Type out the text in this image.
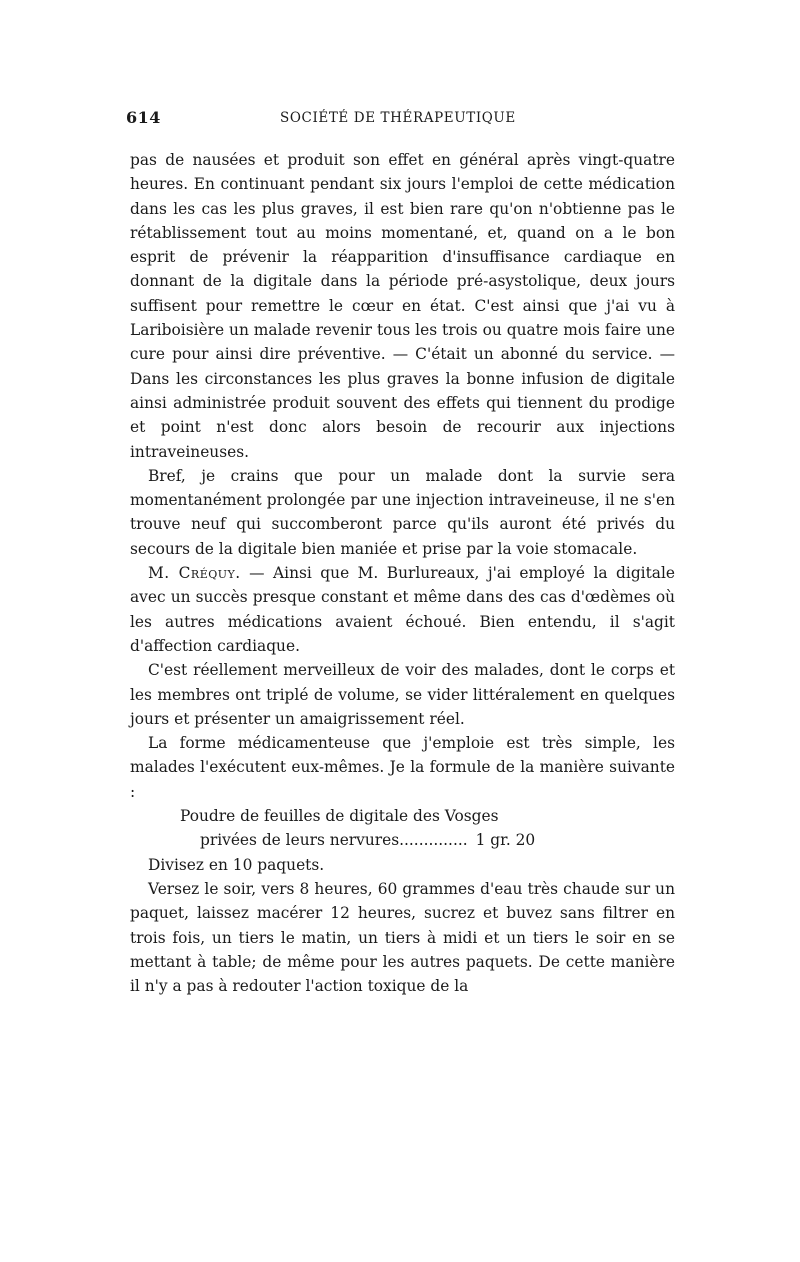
614	SOCIÉTÉ DE THÉRAPEUTIQUE

pas de nausées et produit son effet en général après vingt-quatre heures. En continuant pendant six jours l'emploi de cette médication dans les cas les plus graves, il est bien rare qu'on n'obtienne pas le rétablissement tout au moins momentané, et, quand on a le bon esprit de prévenir la réapparition d'insuffisance cardiaque en donnant de la digitale dans la période pré-asystolique, deux jours suffisent pour remettre le cœur en état. C'est ainsi que j'ai vu à Lariboisière un malade revenir tous les trois ou quatre mois faire une cure pour ainsi dire préventive. — C'était un abonné du service. — Dans les circonstances les plus graves la bonne infusion de digitale ainsi administrée produit souvent des effets qui tiennent du prodige et point n'est donc alors besoin de recourir aux injections intraveineuses.

Bref, je crains que pour un malade dont la survie sera momentanément prolongée par une injection intraveineuse, il ne s'en trouve neuf qui succomberont parce qu'ils auront été privés du secours de la digitale bien maniée et prise par la voie stomacale.

M. Créquy. — Ainsi que M. Burlureaux, j'ai employé la digitale avec un succès presque constant et même dans des cas d'œdèmes où les autres médications avaient échoué. Bien entendu, il s'agit d'affection cardiaque.

C'est réellement merveilleux de voir des malades, dont le corps et les membres ont triplé de volume, se vider littéralement en quelques jours et présenter un amaigrissement réel.

La forme médicamenteuse que j'emploie est très simple, les malades l'exécutent eux-mêmes. Je la formule de la manière suivante :

Poudre de feuilles de digitale des Vosges
privées de leurs nervures.............. 1 gr. 20

Divisez en 10 paquets.

Versez le soir, vers 8 heures, 60 grammes d'eau très chaude sur un paquet, laissez macérer 12 heures, sucrez et buvez sans filtrer en trois fois, un tiers le matin, un tiers à midi et un tiers le soir en se mettant à table; de même pour les autres paquets. De cette manière il n'y a pas à redouter l'action toxique de la
